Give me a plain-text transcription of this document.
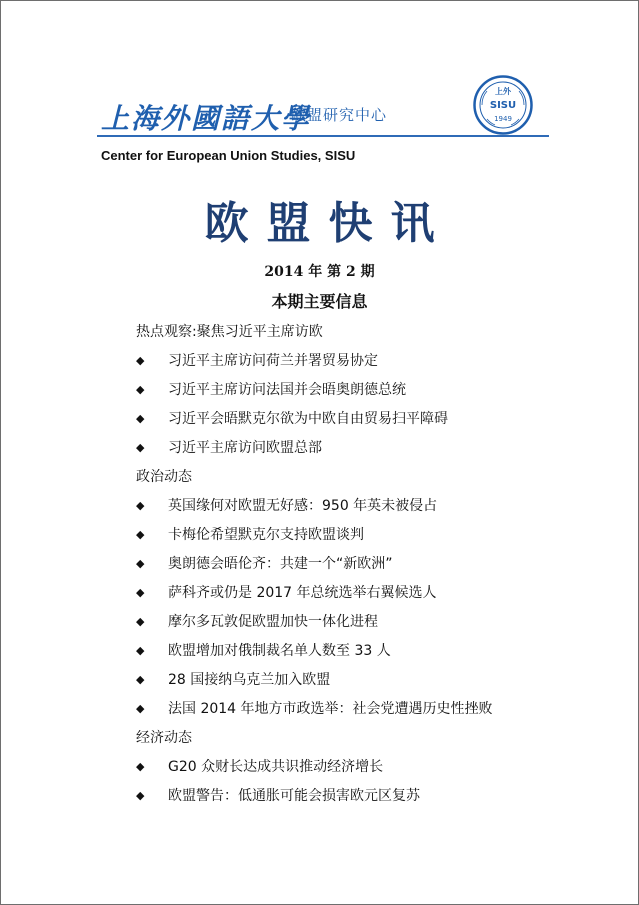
上海外國語大學
欧盟研究中心
上外
SISU
1949
Center for European Union Studies, SISU
欧盟快讯
2014 年 第 2 期
本期主要信息
热点观察:聚焦习近平主席访欧
◆	习近平主席访问荷兰并署贸易协定
◆	习近平主席访问法国并会晤奥朗德总统
◆	习近平会晤默克尔欲为中欧自由贸易扫平障碍
◆	习近平主席访问欧盟总部
政治动态
◆	英国缘何对欧盟无好感：950 年英未被侵占
◆	卡梅伦希望默克尔支持欧盟谈判
◆	奥朗德会晤伦齐：共建一个“新欧洲”
◆	萨科齐或仍是 2017 年总统选举右翼候选人
◆	摩尔多瓦敦促欧盟加快一体化进程
◆	欧盟增加对俄制裁名单人数至 33 人
◆	28 国接纳乌克兰加入欧盟
◆	法国 2014 年地方市政选举：社会党遭遇历史性挫败
经济动态
◆	G20 众财长达成共识推动经济增长
◆	欧盟警告：低通胀可能会损害欧元区复苏
